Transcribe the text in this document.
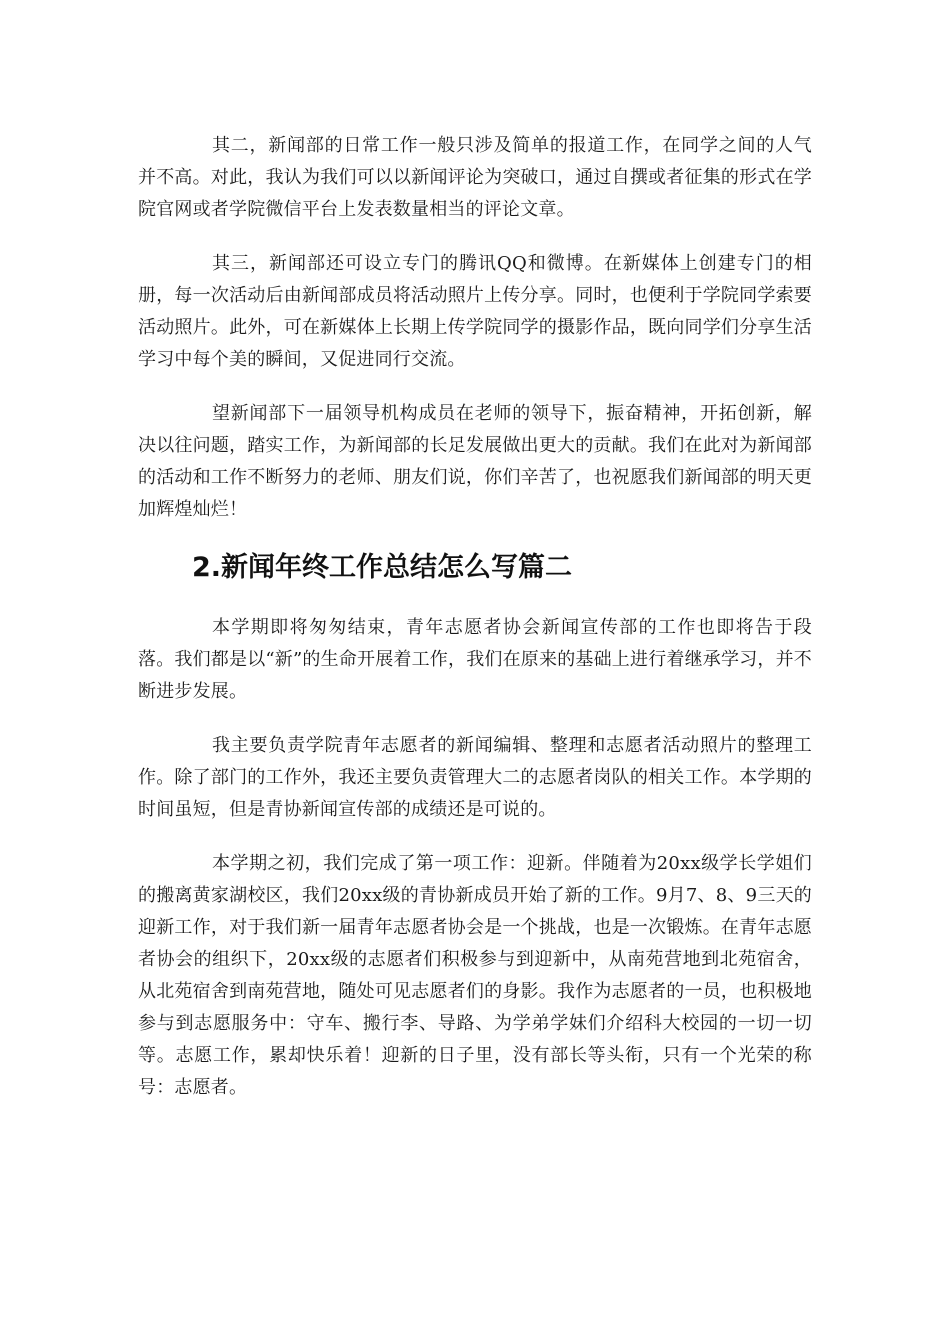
其二，新闻部的日常工作一般只涉及简单的报道工作，在同学之间的人气并不高。对此，我认为我们可以以新闻评论为突破口，通过自撰或者征集的形式在学院官网或者学院微信平台上发表数量相当的评论文章。

其三，新闻部还可设立专门的腾讯QQ和微博。在新媒体上创建专门的相册，每一次活动后由新闻部成员将活动照片上传分享。同时，也便利于学院同学索要活动照片。此外，可在新媒体上长期上传学院同学的摄影作品，既向同学们分享生活学习中每个美的瞬间，又促进同行交流。

望新闻部下一届领导机构成员在老师的领导下，振奋精神，开拓创新，解决以往问题，踏实工作，为新闻部的长足发展做出更大的贡献。我们在此对为新闻部的活动和工作不断努力的老师、朋友们说，你们辛苦了，也祝愿我们新闻部的明天更加辉煌灿烂！

2.新闻年终工作总结怎么写篇二

本学期即将匆匆结束，青年志愿者协会新闻宣传部的工作也即将告于段落。我们都是以“新”的生命开展着工作，我们在原来的基础上进行着继承学习，并不断进步发展。

我主要负责学院青年志愿者的新闻编辑、整理和志愿者活动照片的整理工作。除了部门的工作外，我还主要负责管理大二的志愿者岗队的相关工作。本学期的时间虽短，但是青协新闻宣传部的成绩还是可说的。

本学期之初，我们完成了第一项工作：迎新。伴随着为20xx级学长学姐们的搬离黄家湖校区，我们20xx级的青协新成员开始了新的工作。9月7、8、9三天的迎新工作，对于我们新一届青年志愿者协会是一个挑战，也是一次锻炼。在青年志愿者协会的组织下，20xx级的志愿者们积极参与到迎新中，从南苑营地到北苑宿舍，从北苑宿舍到南苑营地，随处可见志愿者们的身影。我作为志愿者的一员，也积极地参与到志愿服务中：守车、搬行李、导路、为学弟学妹们介绍科大校园的一切一切等。志愿工作，累却快乐着！迎新的日子里，没有部长等头衔，只有一个光荣的称号：志愿者。
